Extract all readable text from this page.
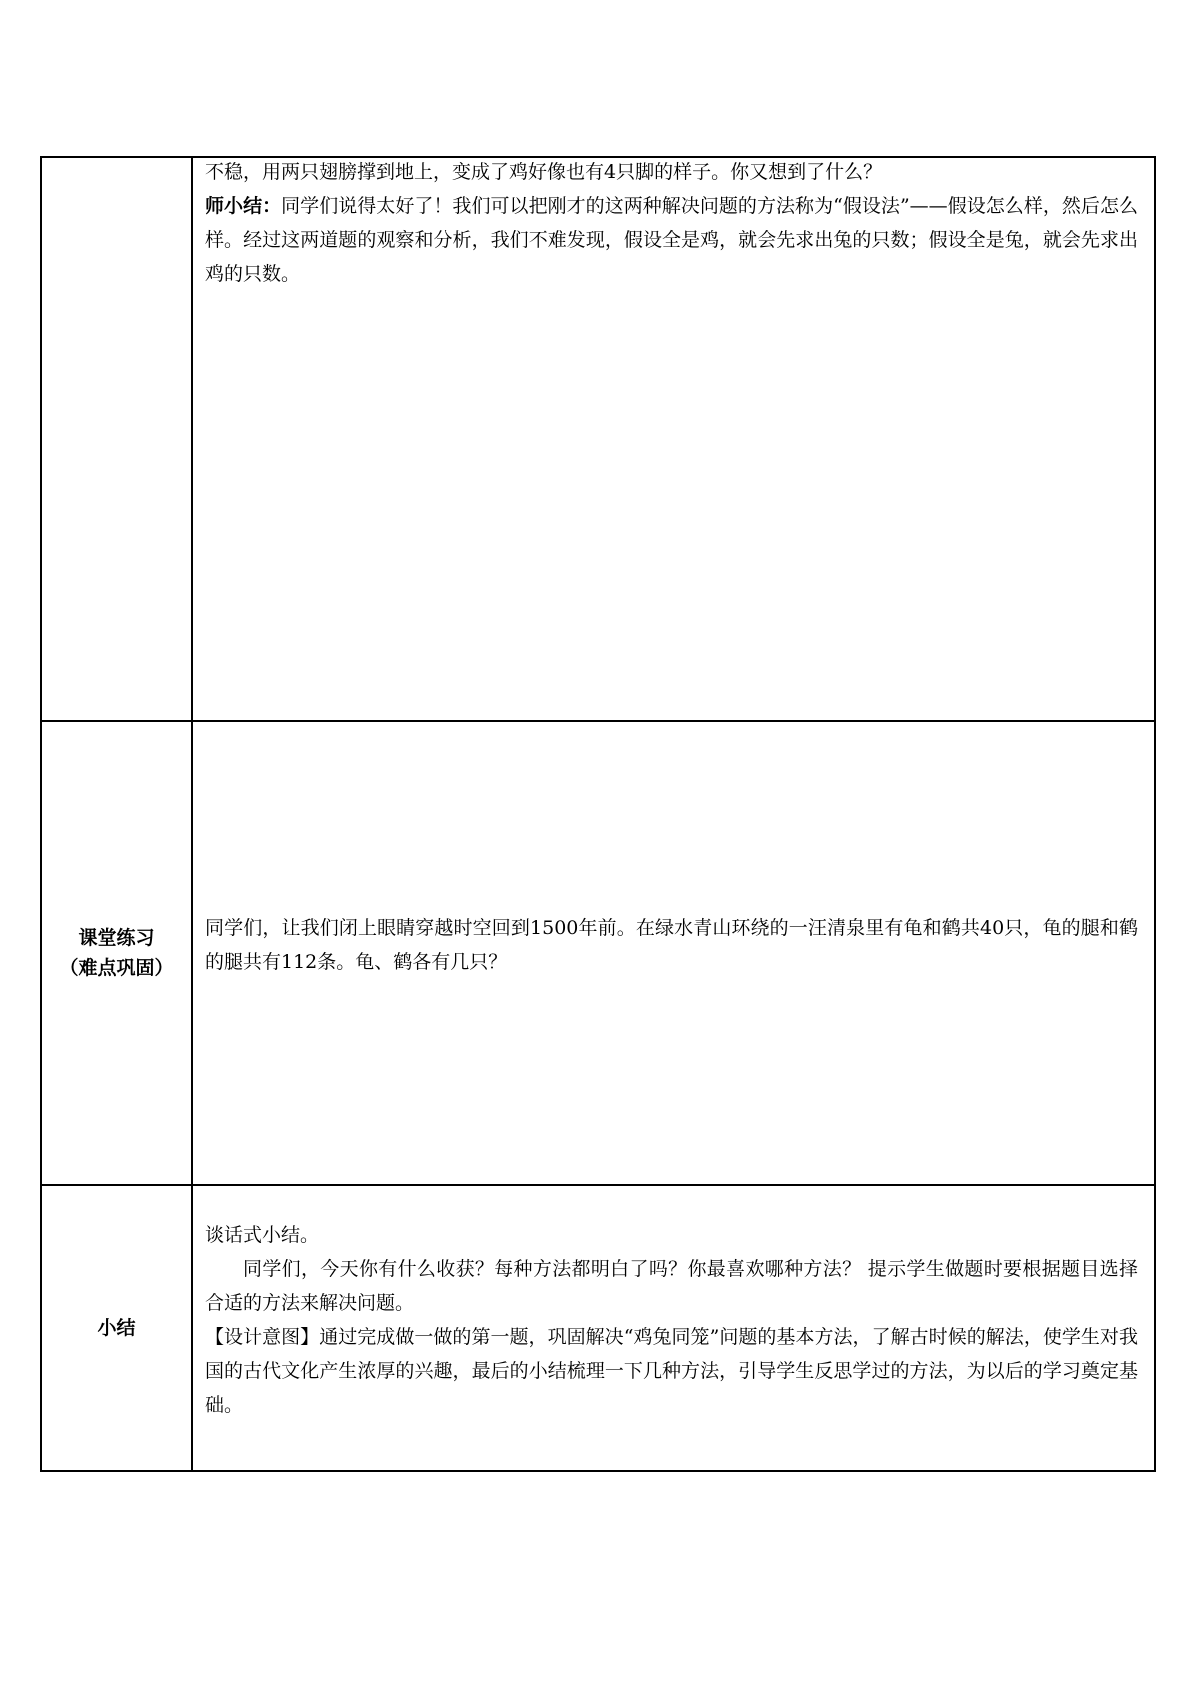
	不稳，用两只翅膀撑到地上，变成了鸡好像也有4只脚的样子。你又想到了什么？

师小结：同学们说得太好了！我们可以把刚才的这两种解决问题的方法称为“假设法”——假设怎么样，然后怎么样。经过这两道题的观察和分析，我们不难发现，假设全是鸡，就会先求出兔的只数；假设全是兔，就会先求出鸡的只数。

课堂练习
（难点巩固）	同学们，让我们闭上眼睛穿越时空回到1500年前。在绿水青山环绕的一汪清泉里有龟和鹤共40只，龟的腿和鹤的腿共有112条。龟、鹤各有几只？

小结	谈话式小结。

同学们，今天你有什么收获？每种方法都明白了吗？你最喜欢哪种方法？ 提示学生做题时要根据题目选择合适的方法来解决问题。

【设计意图】通过完成做一做的第一题，巩固解决“鸡兔同笼”问题的基本方法，了解古时候的解法，使学生对我国的古代文化产生浓厚的兴趣，最后的小结梳理一下几种方法，引导学生反思学过的方法，为以后的学习奠定基础。
